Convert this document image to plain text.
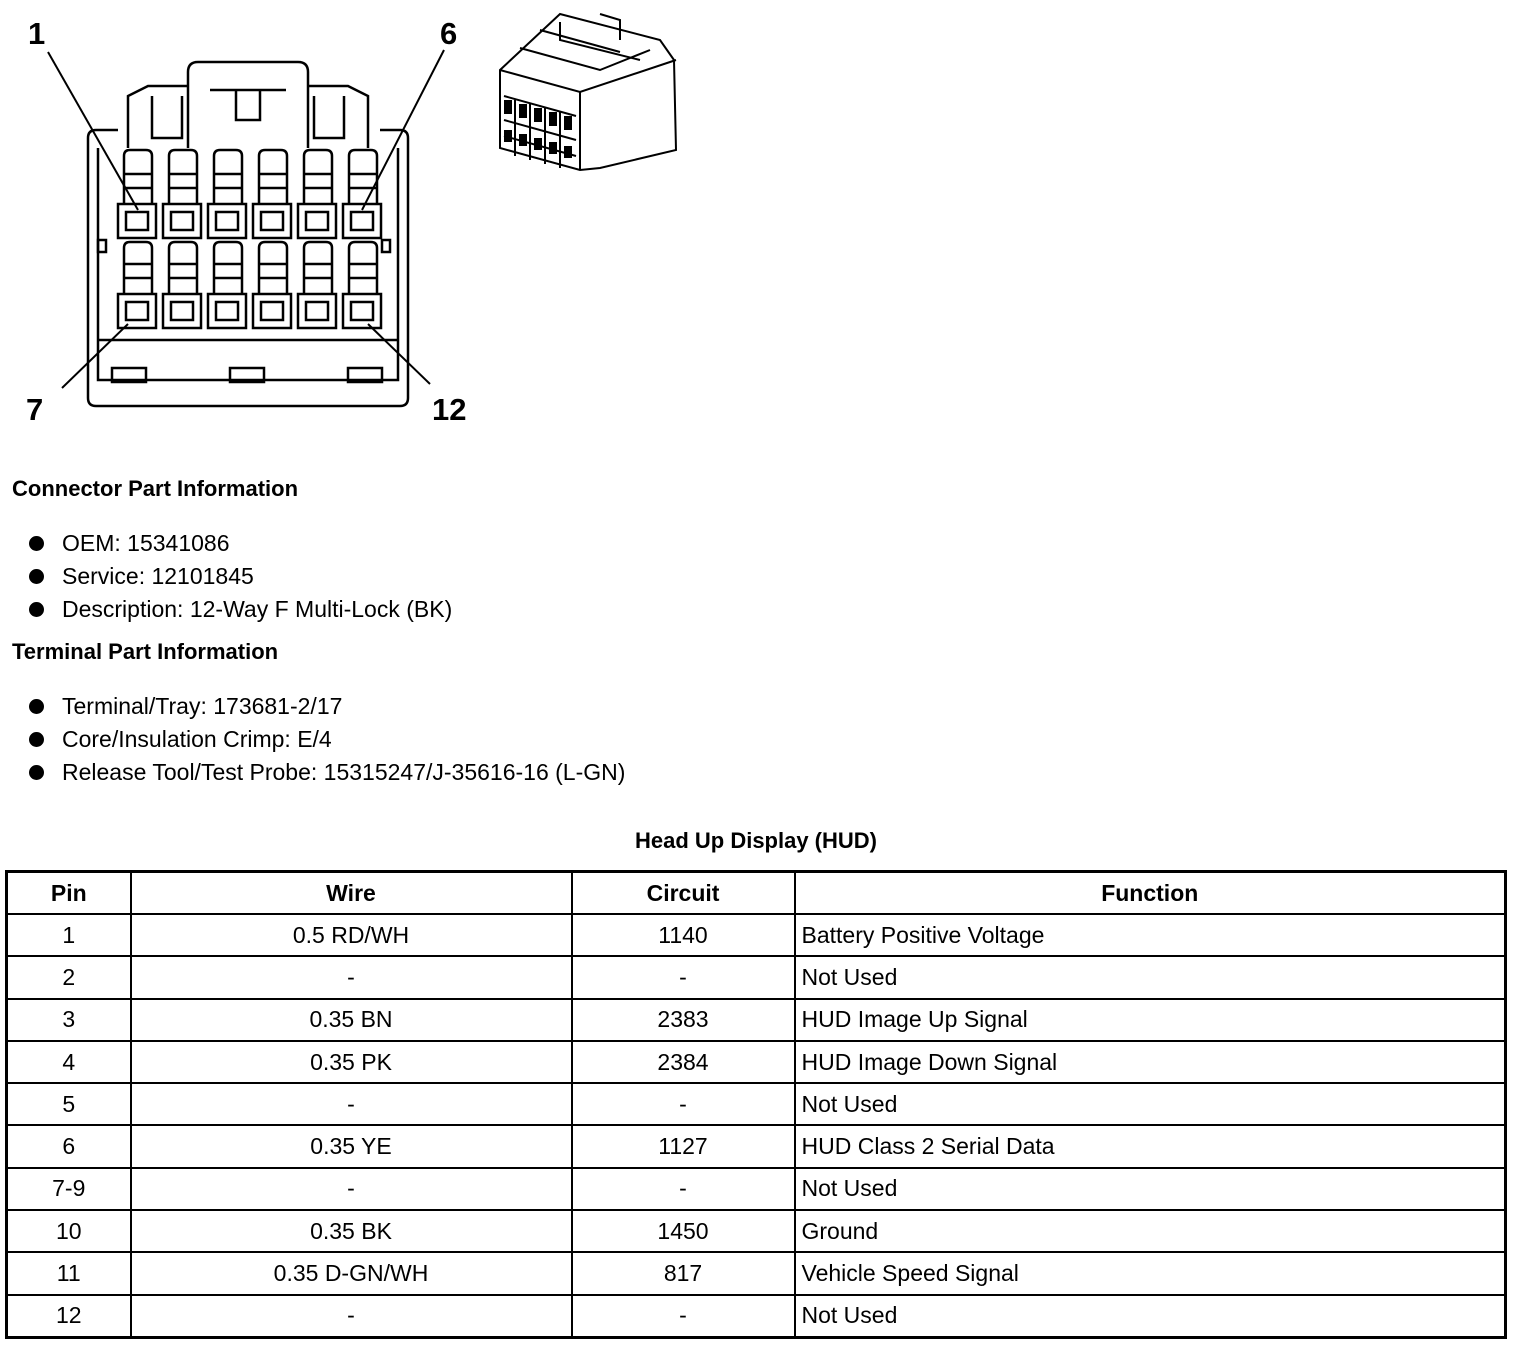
1	6
7	12
Connector Part Information
OEM: 15341086
Service: 12101845
Description: 12-Way F Multi-Lock (BK)
Terminal Part Information
Terminal/Tray: 173681-2/17
Core/Insulation Crimp: E/4
Release Tool/Test Probe: 15315247/J-35616-16 (L-GN)
Head Up Display (HUD)
Pin	Wire	Circuit	Function
1	0.5 RD/WH	1140	Battery Positive Voltage
2	-	-	Not Used
3	0.35 BN	2383	HUD Image Up Signal
4	0.35 PK	2384	HUD Image Down Signal
5	-	-	Not Used
6	0.35 YE	1127	HUD Class 2 Serial Data
7-9	-	-	Not Used
10	0.35 BK	1450	Ground
11	0.35 D-GN/WH	817	Vehicle Speed Signal
12	-	-	Not Used
